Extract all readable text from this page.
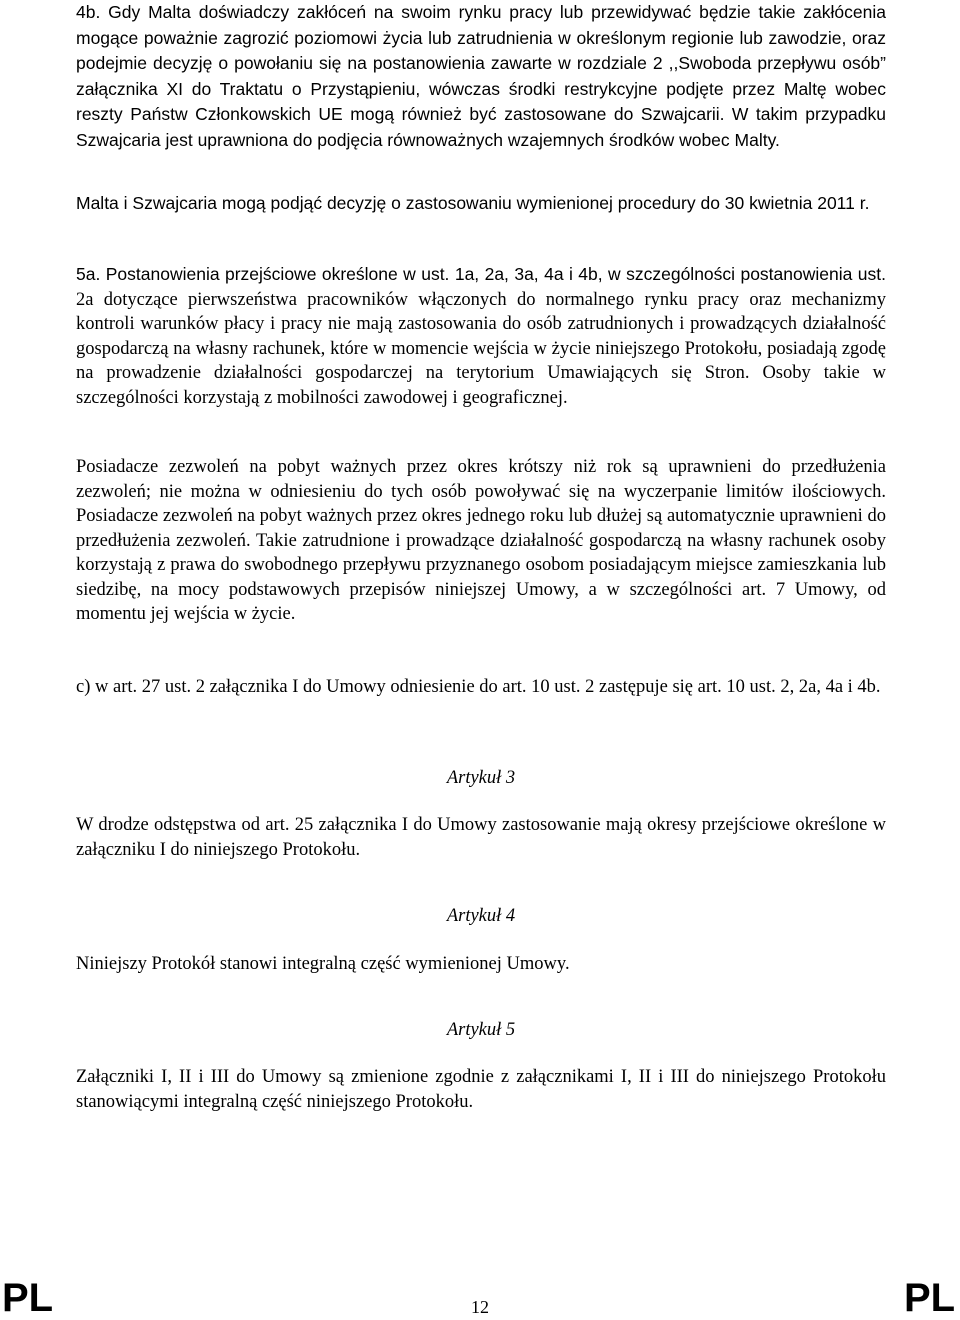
4b. Gdy Malta doświadczy zakłóceń na swoim rynku pracy lub przewidywać będzie takie zakłócenia mogące poważnie zagrozić poziomowi życia lub zatrudnienia w określonym regionie lub zawodzie, oraz podejmie decyzję o powołaniu się na postanowienia zawarte w rozdziale 2 ,,Swoboda przepływu osób” załącznika XI do Traktatu o Przystąpieniu, wówczas środki restrykcyjne podjęte przez Maltę wobec reszty Państw Członkowskich UE mogą również być zastosowane do Szwajcarii. W takim przypadku Szwajcaria jest uprawniona do podjęcia równoważnych wzajemnych środków wobec Malty.

Malta i Szwajcaria mogą podjąć decyzję o zastosowaniu wymienionej procedury do 30 kwietnia 2011 r.

5a. Postanowienia przejściowe określone w ust. 1a, 2a, 3a, 4a i 4b, w szczególności postanowienia ust. 2a dotyczące pierwszeństwa pracowników włączonych do normalnego rynku pracy oraz mechanizmy kontroli warunków płacy i pracy nie mają zastosowania do osób zatrudnionych i prowadzących działalność gospodarczą na własny rachunek, które w momencie wejścia w życie niniejszego Protokołu, posiadają zgodę na prowadzenie działalności gospodarczej na terytorium Umawiających się Stron. Osoby takie w szczególności korzystają z mobilności zawodowej i geograficznej.

Posiadacze zezwoleń na pobyt ważnych przez okres krótszy niż rok są uprawnieni do przedłużenia zezwoleń; nie można w odniesieniu do tych osób powoływać się na wyczerpanie limitów ilościowych. Posiadacze zezwoleń na pobyt ważnych przez okres jednego roku lub dłużej są automatycznie uprawnieni do przedłużenia zezwoleń. Takie zatrudnione i prowadzące działalność gospodarczą na własny rachunek osoby korzystają z prawa do swobodnego przepływu przyznanego osobom posiadającym miejsce zamieszkania lub siedzibę, na mocy podstawowych przepisów niniejszej Umowy, a w szczególności art. 7 Umowy, od momentu jej wejścia w życie.

c) w art. 27 ust. 2 załącznika I do Umowy odniesienie do art. 10 ust. 2 zastępuje się art. 10 ust. 2, 2a, 4a i 4b.

Artykuł 3

W drodze odstępstwa od art. 25 załącznika I do Umowy zastosowanie mają okresy przejściowe określone w załączniku I do niniejszego Protokołu.

Artykuł 4

Niniejszy Protokół stanowi integralną część wymienionej Umowy.

Artykuł 5

Załączniki I, II i III do Umowy są zmienione zgodnie z załącznikami I, II i III do niniejszego Protokołu stanowiącymi integralną część niniejszego Protokołu.

PL	12	PL
